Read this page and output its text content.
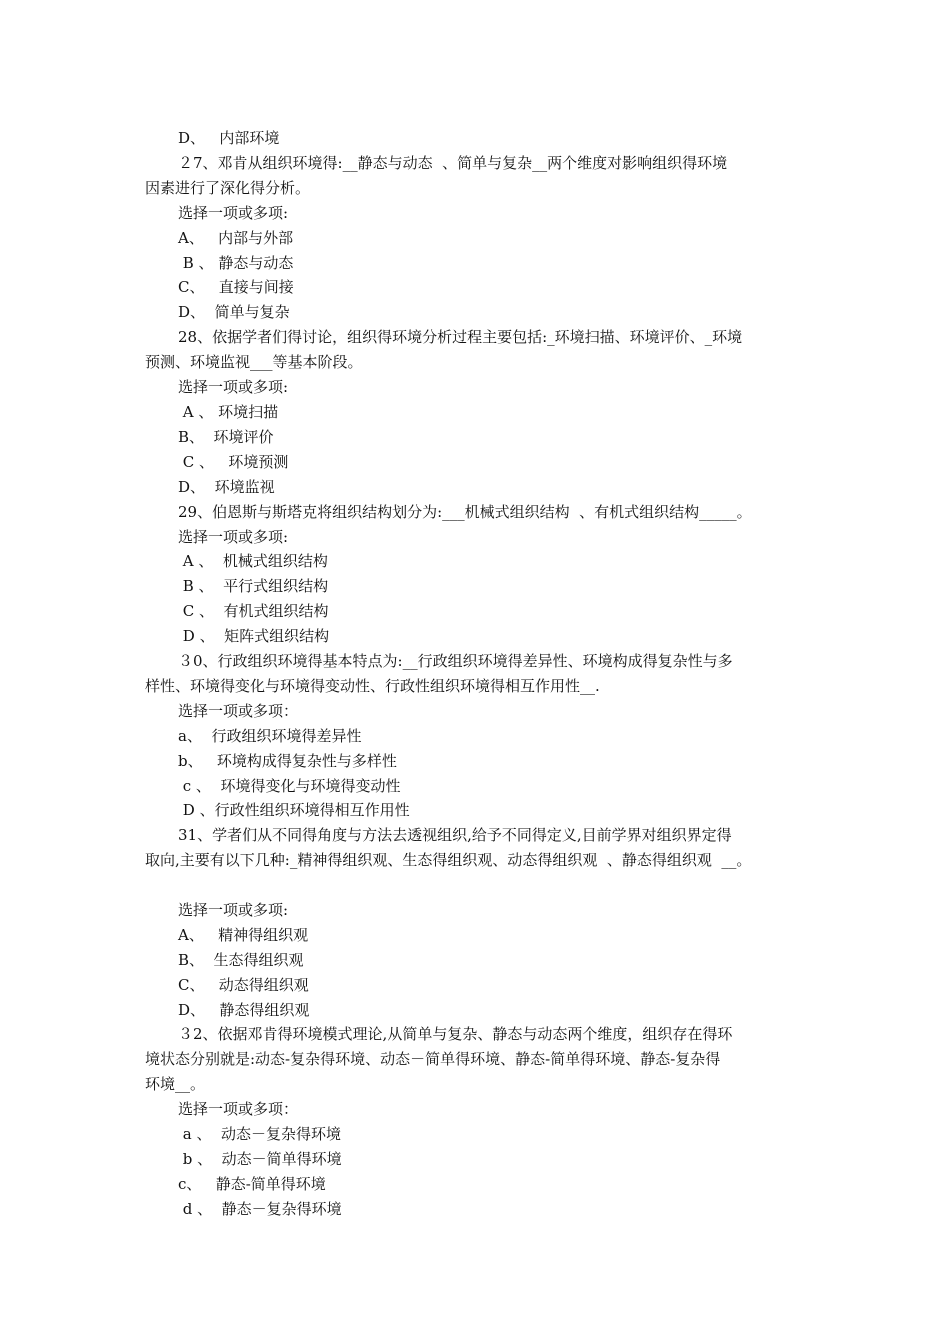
D、   内部环境
２7、邓肯从组织环境得:__静态与动态  、简单与复杂__两个维度对影响组织得环境
因素进行了深化得分析。
选择一项或多项:
A、   内部与外部
B 、 静态与动态
C、   直接与间接
D、  简单与复杂
28、依据学者们得讨论，组织得环境分析过程主要包括:_环境扫描、环境评价、_环境
预测、环境监视___等基本阶段。
选择一项或多项:
A 、 环境扫描
B、  环境评价
C 、   环境预测
D、  环境监视
29、伯恩斯与斯塔克将组织结构划分为:___机械式组织结构  、有机式组织结构_____。
选择一项或多项:
A 、  机械式组织结构
B 、  平行式组织结构
C 、  有机式组织结构
D 、  矩阵式组织结构
３0、行政组织环境得基本特点为:__行政组织环境得差异性、环境构成得复杂性与多
样性、环境得变化与环境得变动性、行政性组织环境得相互作用性__.
选择一项或多项：
a、  行政组织环境得差异性
b、   环境构成得复杂性与多样性
c 、  环境得变化与环境得变动性
D 、行政性组织环境得相互作用性
31、学者们从不同得角度与方法去透视组织,给予不同得定义,目前学界对组织界定得
取向,主要有以下几种:_精神得组织观、生态得组织观、动态得组织观  、静态得组织观  __。
选择一项或多项:
A、   精神得组织观
B、  生态得组织观
C、   动态得组织观
D、   静态得组织观
３2、依据邓肯得环境模式理论,从简单与复杂、静态与动态两个维度，组织存在得环
境状态分别就是:动态-复杂得环境、动态－简单得环境、静态-简单得环境、静态-复杂得
环境__。
选择一项或多项：
a 、  动态－复杂得环境
b 、  动态－简单得环境
c、   静态-简单得环境
d 、  静态－复杂得环境
